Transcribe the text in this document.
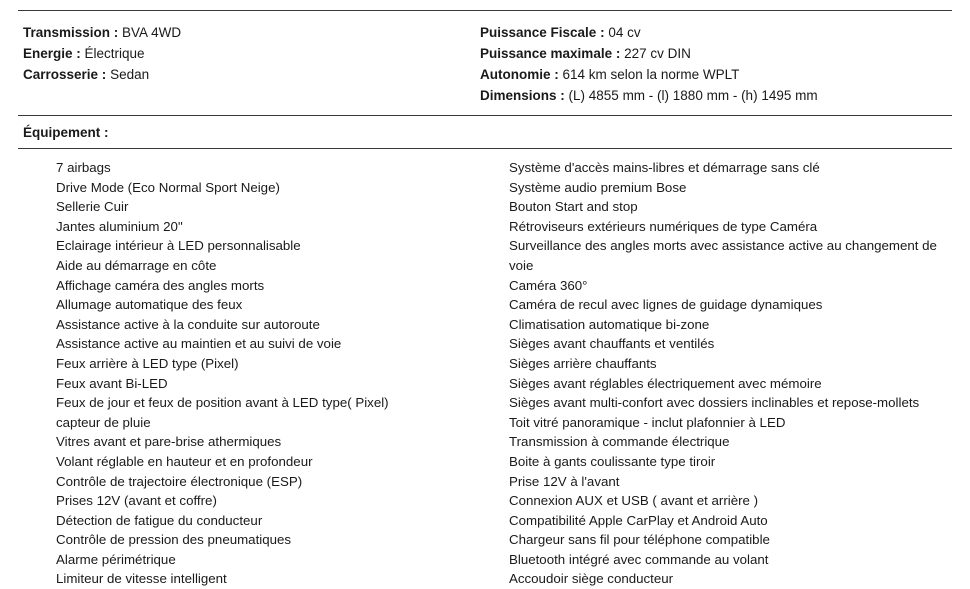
Transmission : BVA 4WD
Energie : Électrique
Carrosserie : Sedan
Puissance Fiscale : 04 cv
Puissance maximale : 227 cv DIN
Autonomie : 614 km selon la norme WPLT
Dimensions : (L) 4855 mm - (l) 1880 mm - (h) 1495 mm
Équipement :
7 airbags
Drive Mode (Eco Normal Sport Neige)
Sellerie Cuir
Jantes aluminium 20"
Eclairage intérieur à LED personnalisable
Aide au démarrage en côte
Affichage caméra des angles morts
Allumage automatique des feux
Assistance active à la conduite sur autoroute
Assistance active au maintien et au suivi de voie
Feux arrière à LED type (Pixel)
Feux avant Bi-LED
Feux de jour et feux de position avant à LED type( Pixel)
capteur de pluie
Vitres avant et pare-brise athermiques
Volant réglable en hauteur et en profondeur
Contrôle de trajectoire électronique (ESP)
Prises 12V (avant et coffre)
Détection de fatigue du conducteur
Contrôle de pression des pneumatiques
Alarme périmétrique
Limiteur de vitesse intelligent
Système d'accès mains-libres et démarrage sans clé
Système audio premium Bose
Bouton Start and stop
Rétroviseurs extérieurs numériques de type Caméra
Surveillance des angles morts avec assistance active au changement de voie
Caméra 360°
Caméra de recul avec lignes de guidage dynamiques
Climatisation automatique bi-zone
Sièges avant chauffants et ventilés
Sièges arrière chauffants
Sièges avant réglables électriquement avec mémoire
Sièges avant multi-confort avec dossiers inclinables et repose-mollets
Toit vitré panoramique - inclut plafonnier à LED
Transmission à commande électrique
Boite à gants coulissante type tiroir
Prise 12V à l'avant
Connexion AUX et USB ( avant et arrière )
Compatibilité Apple CarPlay et Android Auto
Chargeur sans fil pour téléphone compatible
Bluetooth intégré avec commande au volant
Accoudoir siège conducteur
